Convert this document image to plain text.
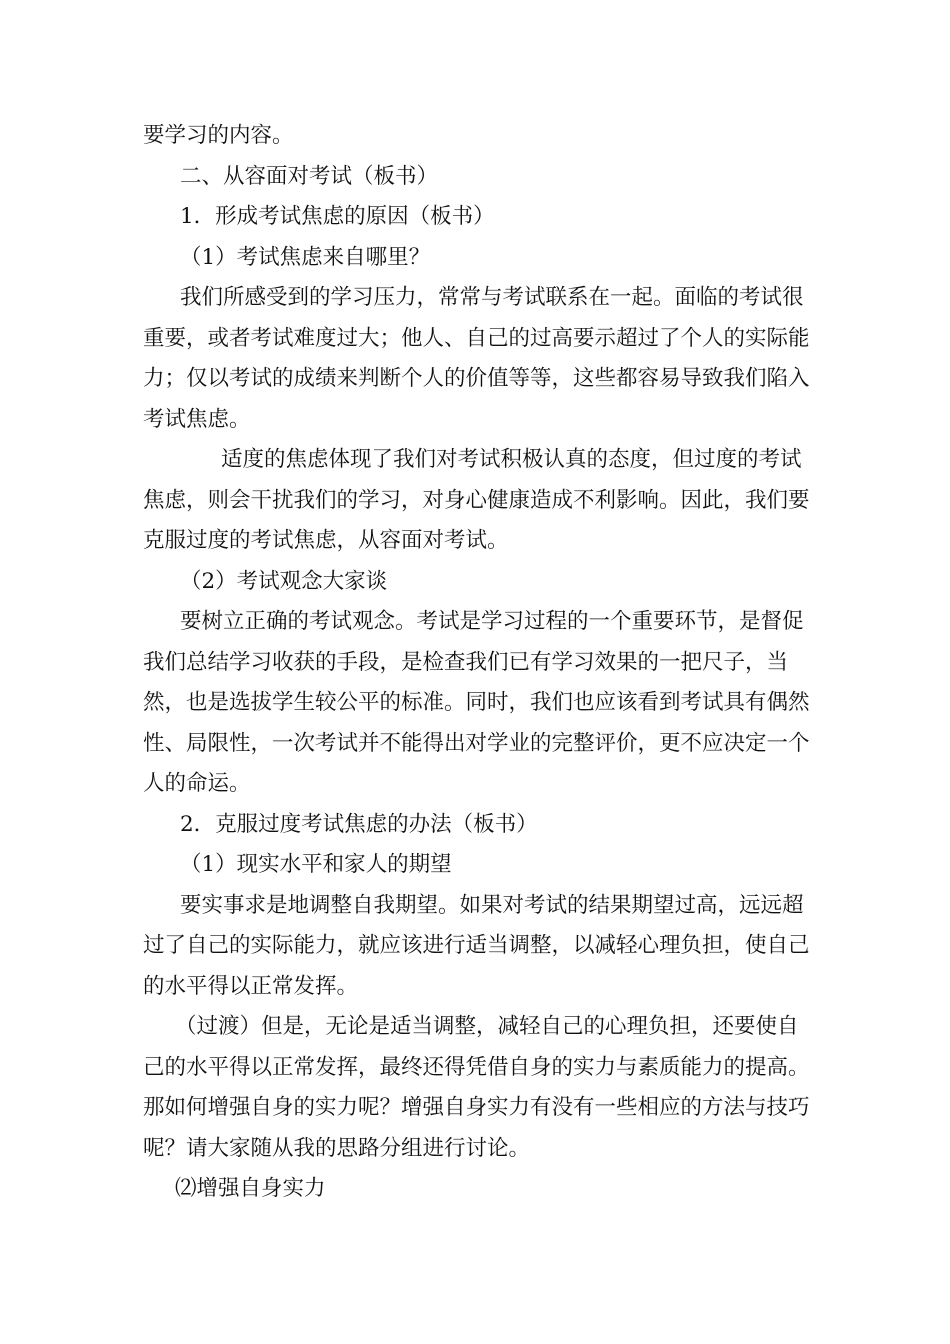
要学习的内容。

二、从容面对考试（板书）

1．形成考试焦虑的原因（板书）

（1）考试焦虑来自哪里？

我们所感受到的学习压力，常常与考试联系在一起。面临的考试很重要，或者考试难度过大；他人、自己的过高要示超过了个人的实际能力；仅以考试的成绩来判断个人的价值等等，这些都容易导致我们陷入考试焦虑。

适度的焦虑体现了我们对考试积极认真的态度，但过度的考试焦虑，则会干扰我们的学习，对身心健康造成不利影响。因此，我们要克服过度的考试焦虑，从容面对考试。

（2）考试观念大家谈

要树立正确的考试观念。考试是学习过程的一个重要环节，是督促我们总结学习收获的手段，是检查我们已有学习效果的一把尺子，当然，也是选拔学生较公平的标准。同时，我们也应该看到考试具有偶然性、局限性，一次考试并不能得出对学业的完整评价，更不应决定一个人的命运。

2．克服过度考试焦虑的办法（板书）

（1）现实水平和家人的期望

要实事求是地调整自我期望。如果对考试的结果期望过高，远远超过了自己的实际能力，就应该进行适当调整，以减轻心理负担，使自己的水平得以正常发挥。

（过渡）但是，无论是适当调整，减轻自己的心理负担，还要使自己的水平得以正常发挥，最终还得凭借自身的实力与素质能力的提高。那如何增强自身的实力呢？增强自身实力有没有一些相应的方法与技巧呢？请大家随从我的思路分组进行讨论。

⑵增强自身实力
